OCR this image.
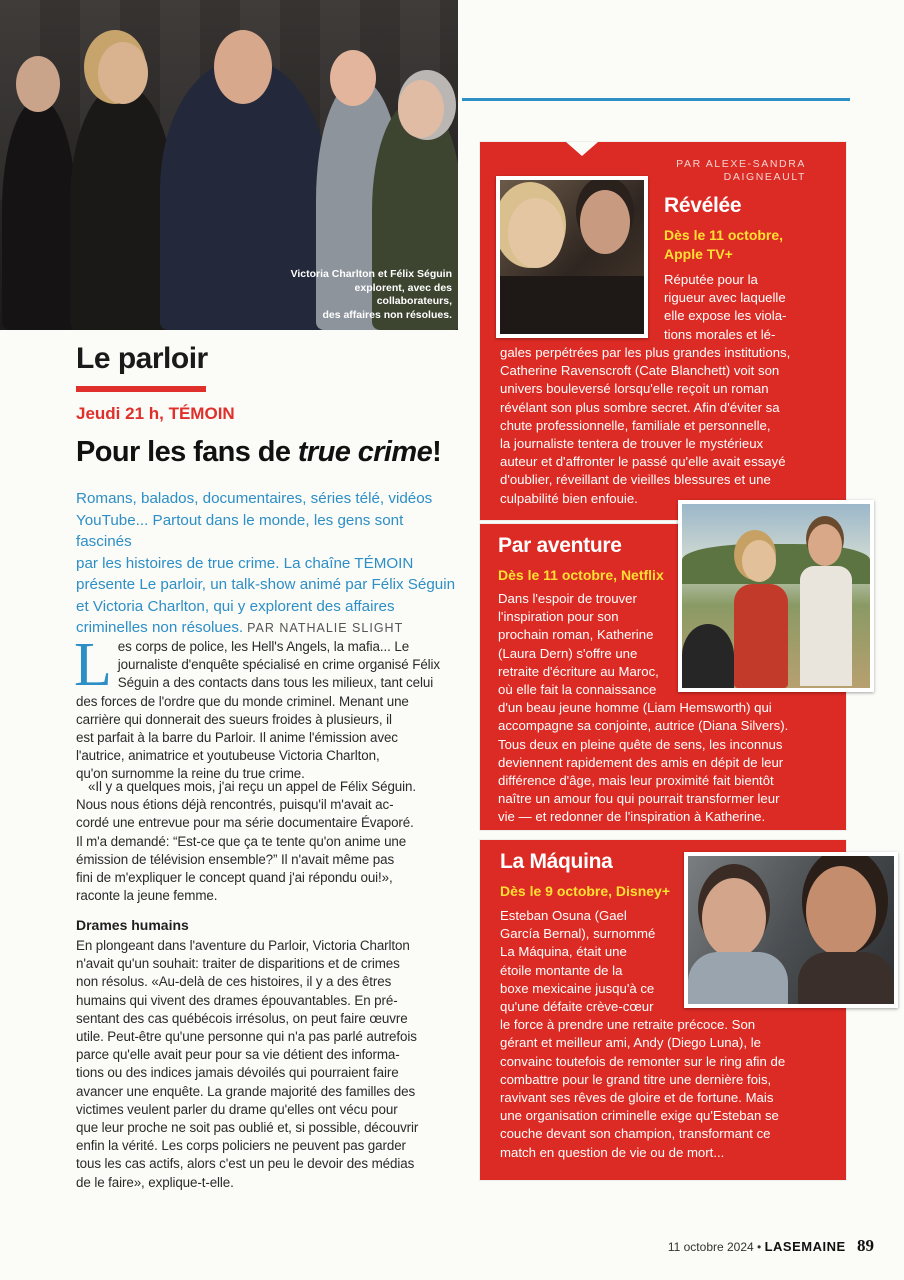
Victoria Charlton et Félix Séguin
explorent, avec des collaborateurs,
des affaires non résolues.
Le parloir
Jeudi 21 h, TÉMOIN
Pour les fans de true crime!
Romans, balados, documentaires, séries télé, vidéos
YouTube... Partout dans le monde, les gens sont fascinés
par les histoires de true crime. La chaîne TÉMOIN
présente Le parloir, un talk-show animé par Félix Séguin
et Victoria Charlton, qui y explorent des affaires
criminelles non résolues. PAR NATHALIE SLIGHT
L es corps de police, les Hell's Angels, la mafia... Le

journaliste d'enquête spécialisé en crime organisé Félix

Séguin a des contacts dans tous les milieux, tant celui

des forces de l'ordre que du monde criminel. Menant une

carrière qui donnerait des sueurs froides à plusieurs, il

est parfait à la barre du Parloir. Il anime l'émission avec

l'autrice, animatrice et youtubeuse Victoria Charlton,

qu'on surnomme la reine du true crime.

«Il y a quelques mois, j'ai reçu un appel de Félix Séguin.

Nous nous étions déjà rencontrés, puisqu'il m'avait ac-

cordé une entrevue pour ma série documentaire Évaporé.

Il m'a demandé: “Est-ce que ça te tente qu'on anime une

émission de télévision ensemble?” Il n'avait même pas

fini de m'expliquer le concept quand j'ai répondu oui!»,

raconte la jeune femme.

Drames humains

En plongeant dans l'aventure du Parloir, Victoria Charlton

n'avait qu'un souhait: traiter de disparitions et de crimes

non résolus. «Au-delà de ces histoires, il y a des êtres

humains qui vivent des drames épouvantables. En pré-

sentant des cas québécois irrésolus, on peut faire œuvre

utile. Peut-être qu'une personne qui n'a pas parlé autrefois

parce qu'elle avait peur pour sa vie détient des informa-

tions ou des indices jamais dévoilés qui pourraient faire

avancer une enquête. La grande majorité des familles des

victimes veulent parler du drame qu'elles ont vécu pour

que leur proche ne soit pas oublié et, si possible, découvrir

enfin la vérité. Les corps policiers ne peuvent pas garder

tous les cas actifs, alors c'est un peu le devoir des médias

de le faire», explique-t-elle.

PAR ALEXE-SANDRA
DAIGNEAULT
Révélée
Dès le 11 octobre,
Apple TV+

Réputée pour la

rigueur avec laquelle

elle expose les viola-

tions morales et lé-

gales perpétrées par les plus grandes institutions,

Catherine Ravenscroft (Cate Blanchett) voit son

univers bouleversé lorsqu'elle reçoit un roman

révélant son plus sombre secret. Afin d'éviter sa

chute professionnelle, familiale et personnelle,

la journaliste tentera de trouver le mystérieux

auteur et d'affronter le passé qu'elle avait essayé

d'oublier, réveillant de vieilles blessures et une

culpabilité bien enfouie.

Par aventure
Dès le 11 octobre, Netflix

Dans l'espoir de trouver

l'inspiration pour son

prochain roman, Katherine

(Laura Dern) s'offre une

retraite d'écriture au Maroc,

où elle fait la connaissance

d'un beau jeune homme (Liam Hemsworth) qui

accompagne sa conjointe, autrice (Diana Silvers).

Tous deux en pleine quête de sens, les inconnus

deviennent rapidement des amis en dépit de leur

différence d'âge, mais leur proximité fait bientôt

naître un amour fou qui pourrait transformer leur

vie — et redonner de l'inspiration à Katherine.

La Máquina
Dès le 9 octobre, Disney+

Esteban Osuna (Gael

García Bernal), surnommé

La Máquina, était une

étoile montante de la

boxe mexicaine jusqu'à ce

qu'une défaite crève-cœur

le force à prendre une retraite précoce. Son

gérant et meilleur ami, Andy (Diego Luna), le

convainc toutefois de remonter sur le ring afin de

combattre pour le grand titre une dernière fois,

ravivant ses rêves de gloire et de fortune. Mais

une organisation criminelle exige qu'Esteban se

couche devant son champion, transformant ce

match en question de vie ou de mort...

11 octobre 2024 • LASEMAINE 89
